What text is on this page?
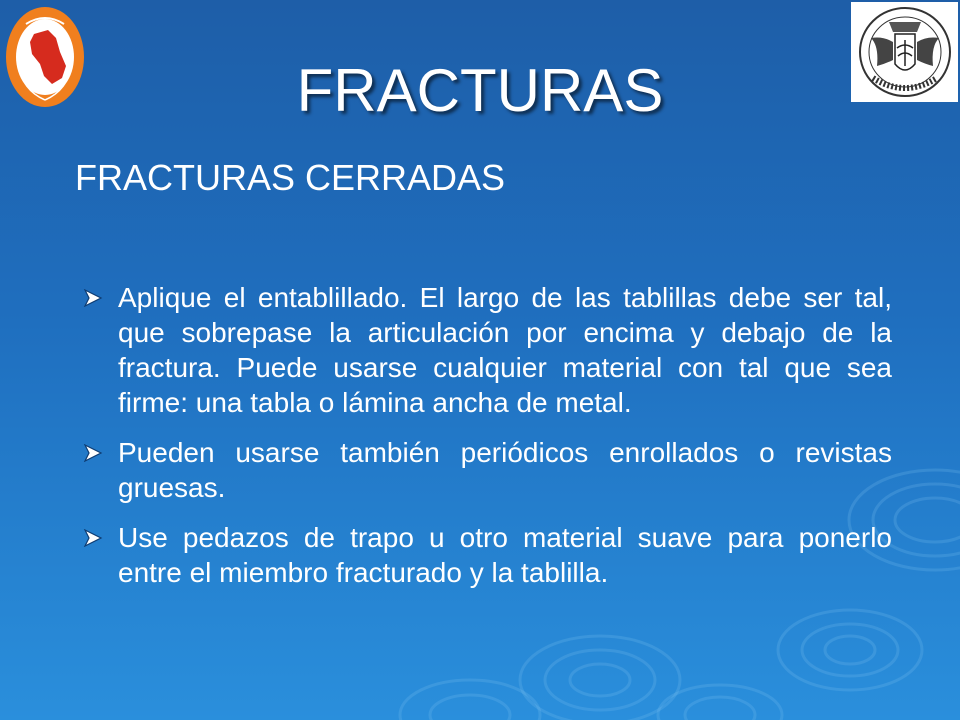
FRACTURAS
FRACTURAS CERRADAS
Aplique el entablillado. El largo de las tablillas debe ser tal, que sobrepase la articulación por encima y debajo de la fractura. Puede usarse cualquier material con tal que sea firme: una tabla o lámina ancha de metal.
Pueden usarse también periódicos enrollados o revistas gruesas.
Use pedazos de trapo u otro material suave para ponerlo entre el miembro fracturado y la tablilla.
